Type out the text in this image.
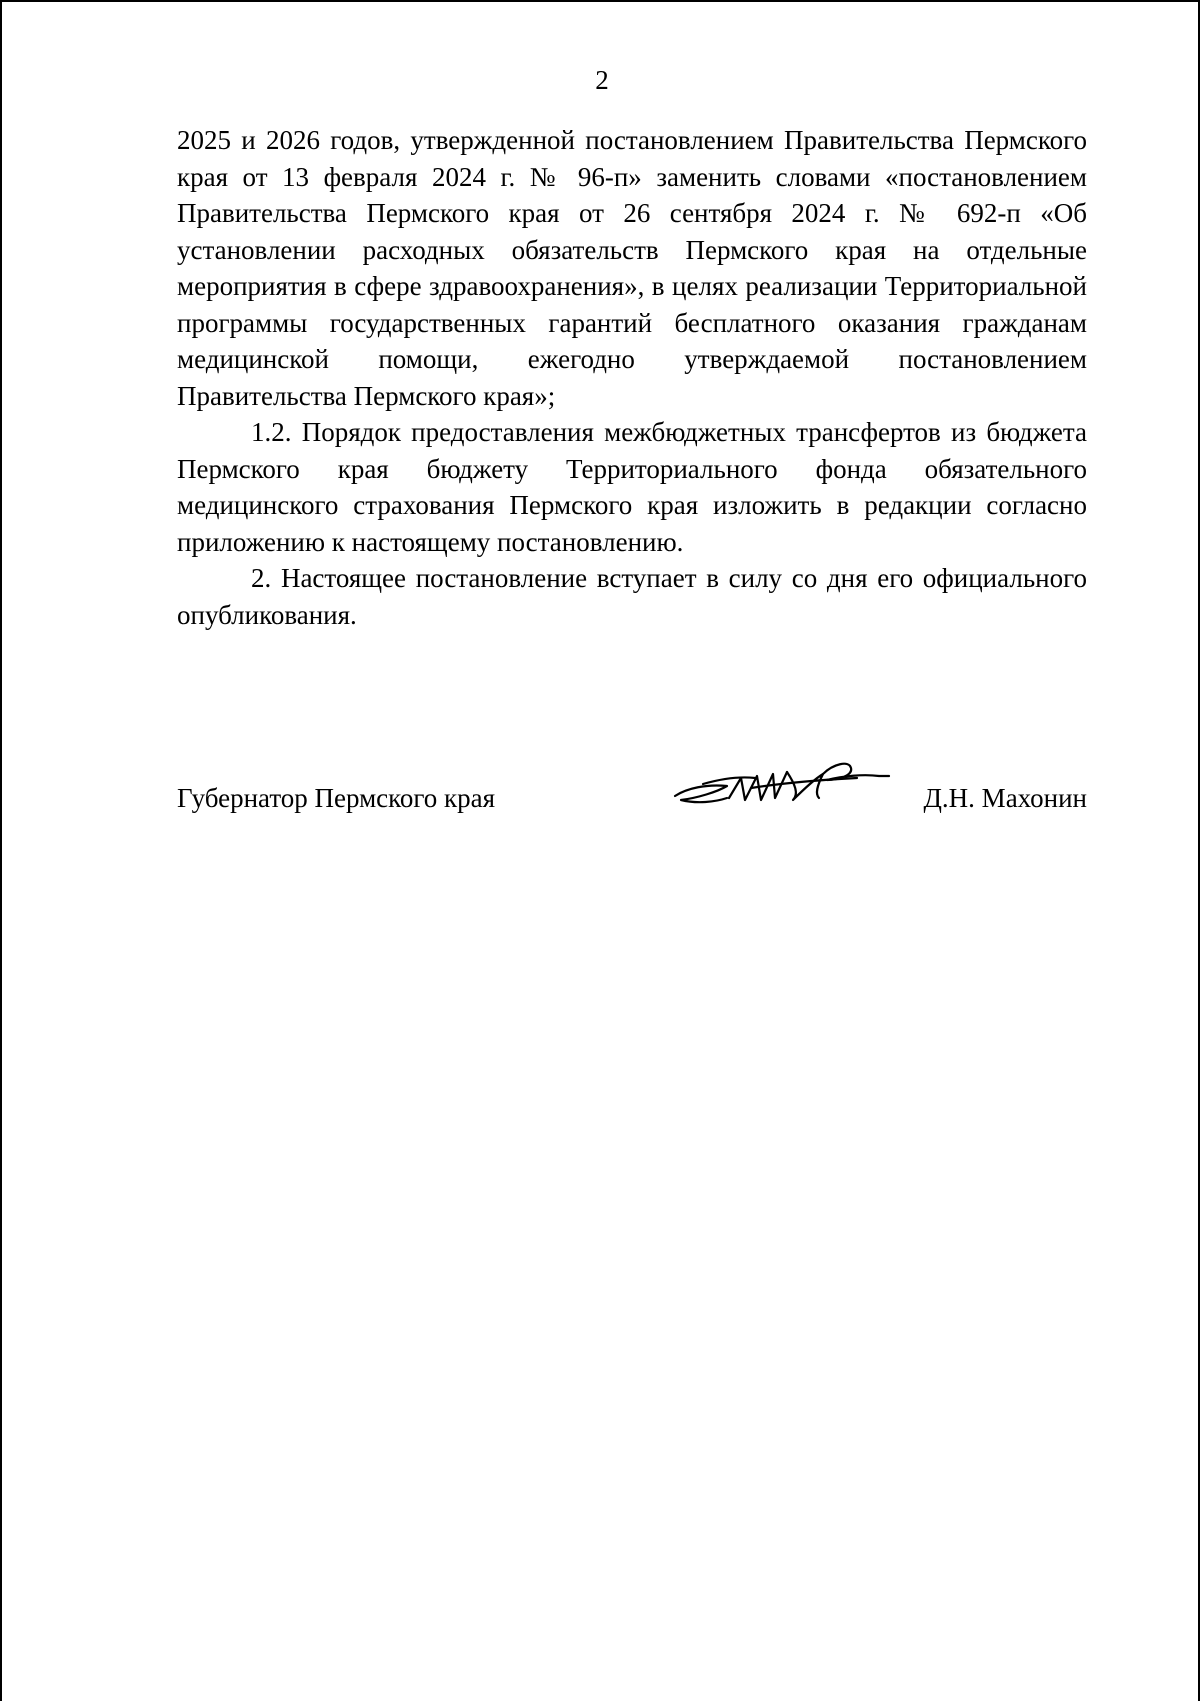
2

2025 и 2026 годов, утвержденной постановлением Правительства Пермского края от 13 февраля 2024 г. № 96-п» заменить словами «постановлением Правительства Пермского края от 26 сентября 2024 г. № 692-п «Об установлении расходных обязательств Пермского края на отдельные мероприятия в сфере здравоохранения», в целях реализации Территориальной программы государственных гарантий бесплатного оказания гражданам медицинской помощи, ежегодно утверждаемой постановлением Правительства Пермского края»;

1.2. Порядок предоставления межбюджетных трансфертов из бюджета Пермского края бюджету Территориального фонда обязательного медицинского страхования Пермского края изложить в редакции согласно приложению к настоящему постановлению.

2. Настоящее постановление вступает в силу со дня его официального опубликования.

Губернатор Пермского края	Д.Н. Махонин
